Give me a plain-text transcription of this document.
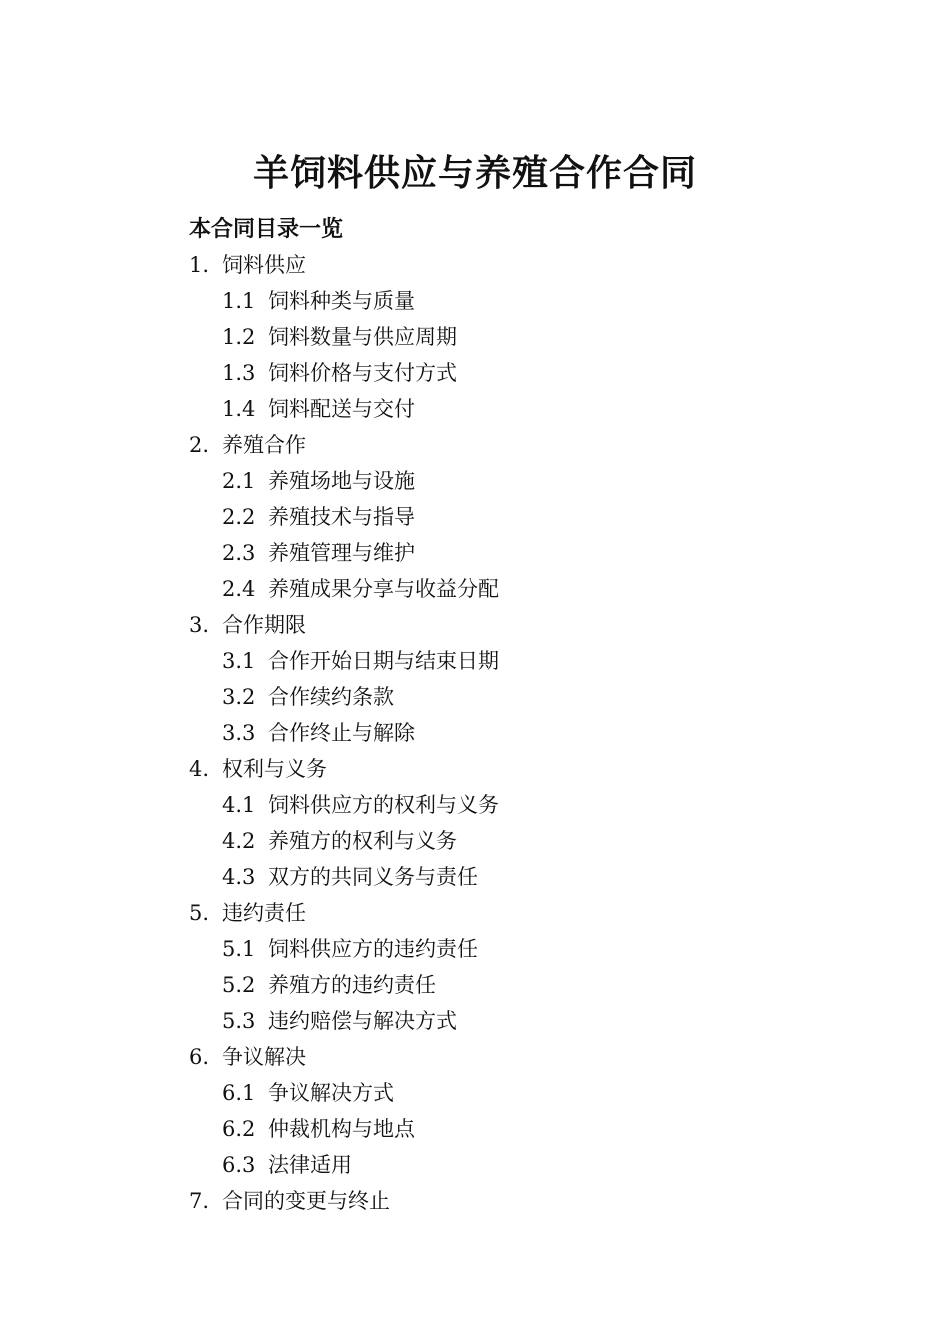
羊饲料供应与养殖合作合同
本合同目录一览
1. 饲料供应
1.1 饲料种类与质量
1.2 饲料数量与供应周期
1.3 饲料价格与支付方式
1.4 饲料配送与交付
2. 养殖合作
2.1 养殖场地与设施
2.2 养殖技术与指导
2.3 养殖管理与维护
2.4 养殖成果分享与收益分配
3. 合作期限
3.1 合作开始日期与结束日期
3.2 合作续约条款
3.3 合作终止与解除
4. 权利与义务
4.1 饲料供应方的权利与义务
4.2 养殖方的权利与义务
4.3 双方的共同义务与责任
5. 违约责任
5.1 饲料供应方的违约责任
5.2 养殖方的违约责任
5.3 违约赔偿与解决方式
6. 争议解决
6.1 争议解决方式
6.2 仲裁机构与地点
6.3 法律适用
7. 合同的变更与终止
